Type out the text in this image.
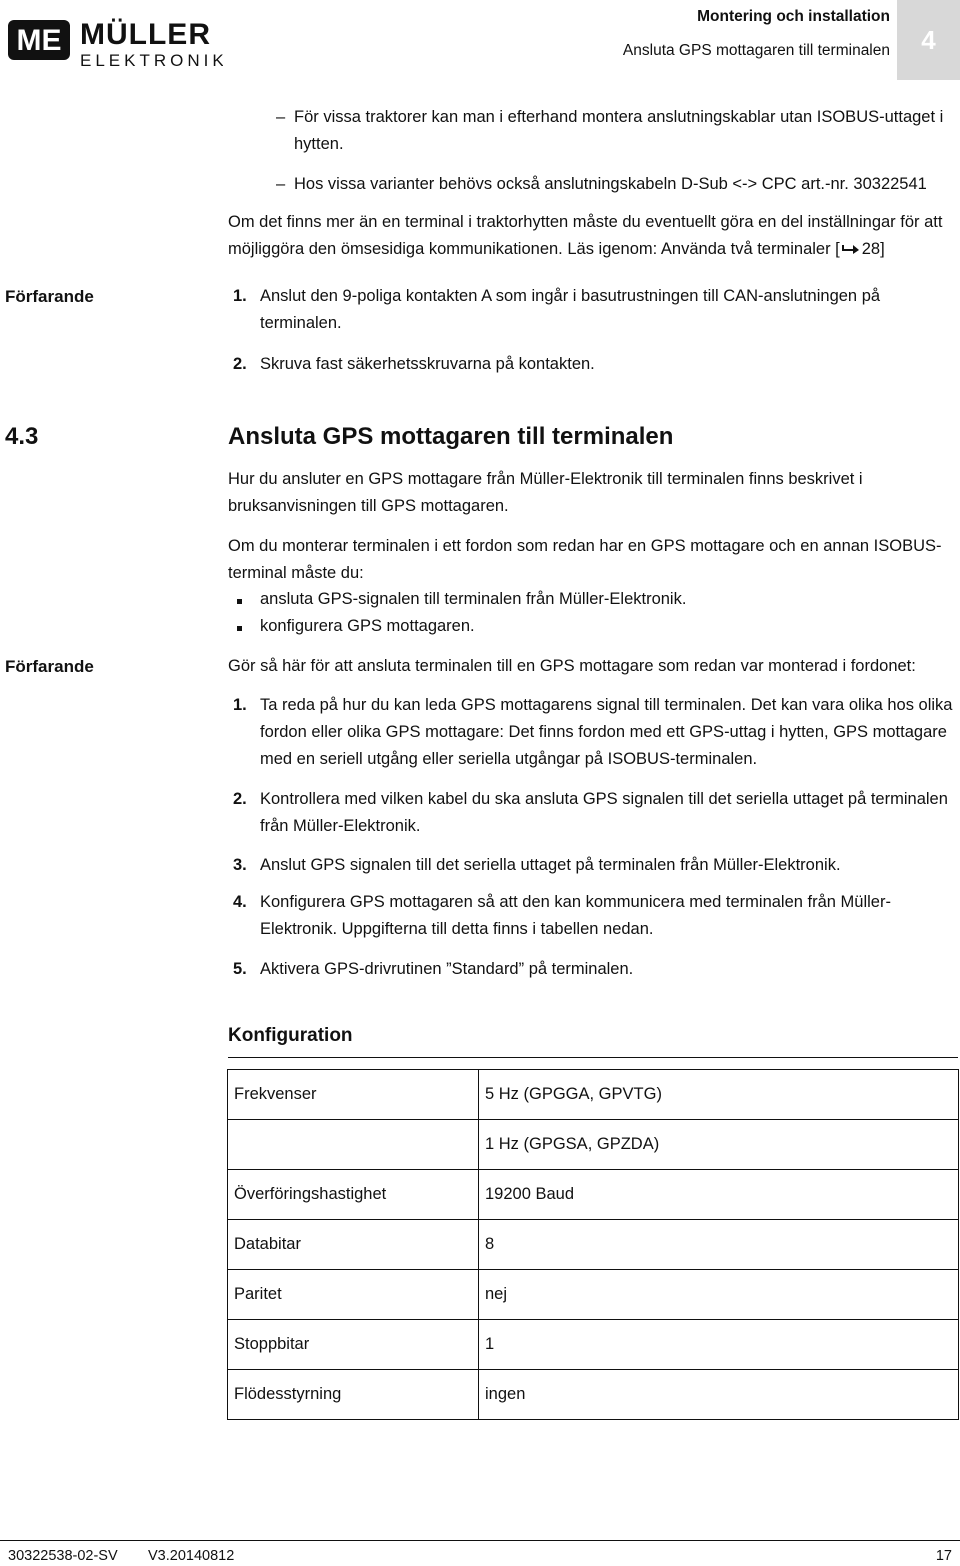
ME MÜLLER
ELEKTRONIK
Montering och installation
Ansluta GPS mottagaren till terminalen 4
– För vissa traktorer kan man i efterhand montera anslutningskablar utan ISOBUS-uttaget i
hytten.
– Hos vissa varianter behövs också anslutningskabeln D-Sub <-> CPC art.-nr. 30322541
Om det finns mer än en terminal i traktorhytten måste du eventuellt göra en del inställningar för att
möjliggöra den ömsesidiga kommunikationen. Läs igenom: Använda två terminaler [ 28]
Förfarande	1. Anslut den 9-poliga kontakten A som ingår i basutrustningen till CAN-anslutningen på
terminalen.
2. Skruva fast säkerhetsskruvarna på kontakten.
4.3	Ansluta GPS mottagaren till terminalen
Hur du ansluter en GPS mottagare från Müller-Elektronik till terminalen finns beskrivet i
bruksanvisningen till GPS mottagaren.
Om du monterar terminalen i ett fordon som redan har en GPS mottagare och en annan ISOBUS-
terminal måste du:
ansluta GPS-signalen till terminalen från Müller-Elektronik.
konfigurera GPS mottagaren.
Förfarande	Gör så här för att ansluta terminalen till en GPS mottagare som redan var monterad i fordonet:
1. Ta reda på hur du kan leda GPS mottagarens signal till terminalen. Det kan vara olika hos olika
fordon eller olika GPS mottagare: Det finns fordon med ett GPS-uttag i hytten, GPS mottagare
med en seriell utgång eller seriella utgångar på ISOBUS-terminalen.
2. Kontrollera med vilken kabel du ska ansluta GPS signalen till det seriella uttaget på terminalen
från Müller-Elektronik.
3. Anslut GPS signalen till det seriella uttaget på terminalen från Müller-Elektronik.
4. Konfigurera GPS mottagaren så att den kan kommunicera med terminalen från Müller-
Elektronik. Uppgifterna till detta finns i tabellen nedan.
5. Aktivera GPS-drivrutinen ”Standard” på terminalen.
Konfiguration
Frekvenser	5 Hz (GPGGA, GPVTG)
	1 Hz (GPGSA, GPZDA)
Överföringshastighet	19200 Baud
Databitar	8
Paritet	nej
Stoppbitar	1
Flödesstyrning	ingen
30322538-02-SV V3.20140812	17
